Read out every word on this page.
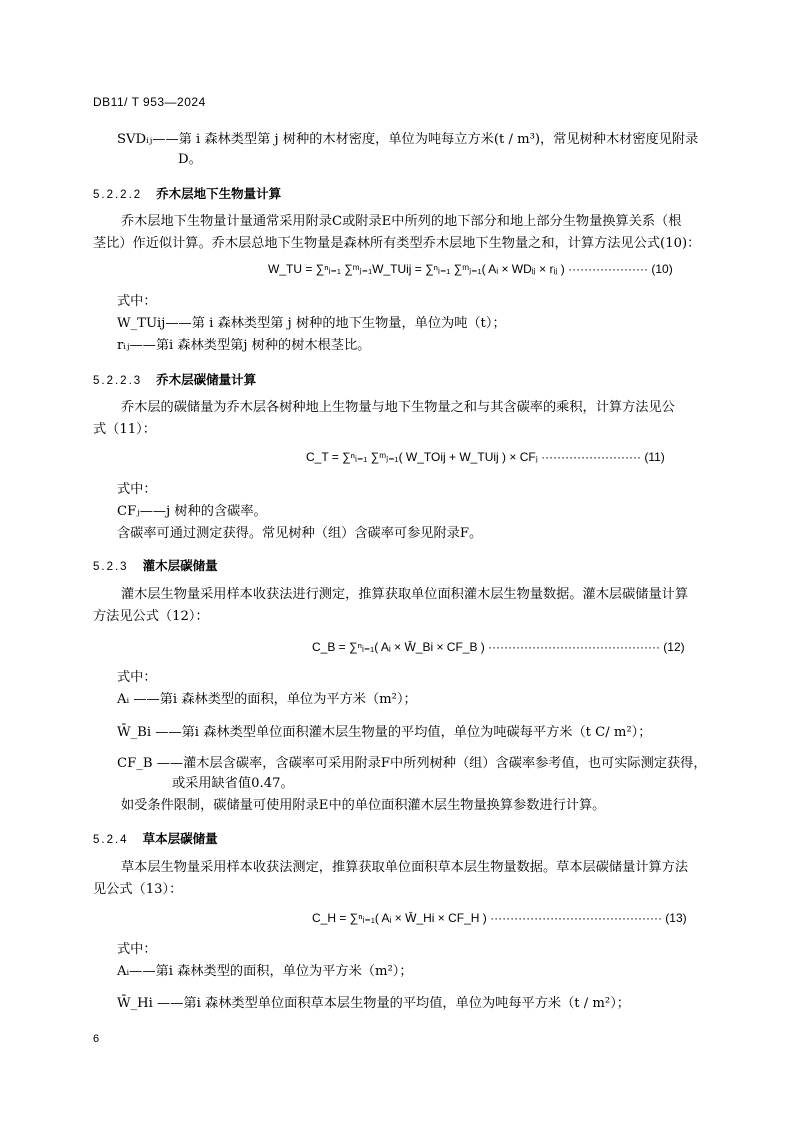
DB11/ T 953—2024
SVDᵢⱼ——第 i 森林类型第 j 树种的木材密度，单位为吨每立方米(t / m³)，常见树种木材密度见附录
D。
5.2.2.2 乔木层地下生物量计算
乔木层地下生物量计量通常采用附录C或附录E中所列的地下部分和地上部分生物量换算关系（根
茎比）作近似计算。乔木层总地下生物量是森林所有类型乔木层地下生物量之和，计算方法见公式(10)：
W_TU = ∑ⁿᵢ₌₁ ∑ᵐⱼ₌₁W_TUij = ∑ⁿᵢ₌₁ ∑ᵐⱼ₌₁( Aᵢ × WDᵢⱼ × rᵢⱼ ) ···················· (10)
式中：
W_TUij——第 i 森林类型第 j 树种的地下生物量，单位为吨（t）；
rᵢⱼ——第i 森林类型第j 树种的树木根茎比。
5.2.2.3 乔木层碳储量计算
乔木层的碳储量为乔木层各树种地上生物量与地下生物量之和与其含碳率的乘积，计算方法见公
式（11）：
C_T = ∑ⁿᵢ₌₁ ∑ᵐⱼ₌₁( W_TOij + W_TUij ) × CFⱼ ························· (11)
式中：
CFⱼ——j 树种的含碳率。
含碳率可通过测定获得。常见树种（组）含碳率可参见附录F。
5.2.3 灌木层碳储量
灌木层生物量采用样本收获法进行测定，推算获取单位面积灌木层生物量数据。灌木层碳储量计算
方法见公式（12）：
C_B = ∑ⁿᵢ₌₁( Aᵢ × W̄_Bi × CF_B ) ··········································· (12)
式中：
Aᵢ ——第i 森林类型的面积，单位为平方米（m²）；
W̄_Bi ——第i 森林类型单位面积灌木层生物量的平均值，单位为吨碳每平方米（t C/ m²）；
CF_B ——灌木层含碳率，含碳率可采用附录F中所列树种（组）含碳率参考值，也可实际测定获得，
或采用缺省值0.47。
如受条件限制，碳储量可使用附录E中的单位面积灌木层生物量换算参数进行计算。
5.2.4 草本层碳储量
草本层生物量采用样本收获法测定，推算获取单位面积草本层生物量数据。草本层碳储量计算方法
见公式（13）：
C_H = ∑ⁿᵢ₌₁( Aᵢ × W̄_Hi × CF_H ) ··········································· (13)
式中：
Aᵢ——第i 森林类型的面积，单位为平方米（m²）；
W̄_Hi ——第i 森林类型单位面积草本层生物量的平均值，单位为吨每平方米（t / m²）；
6
